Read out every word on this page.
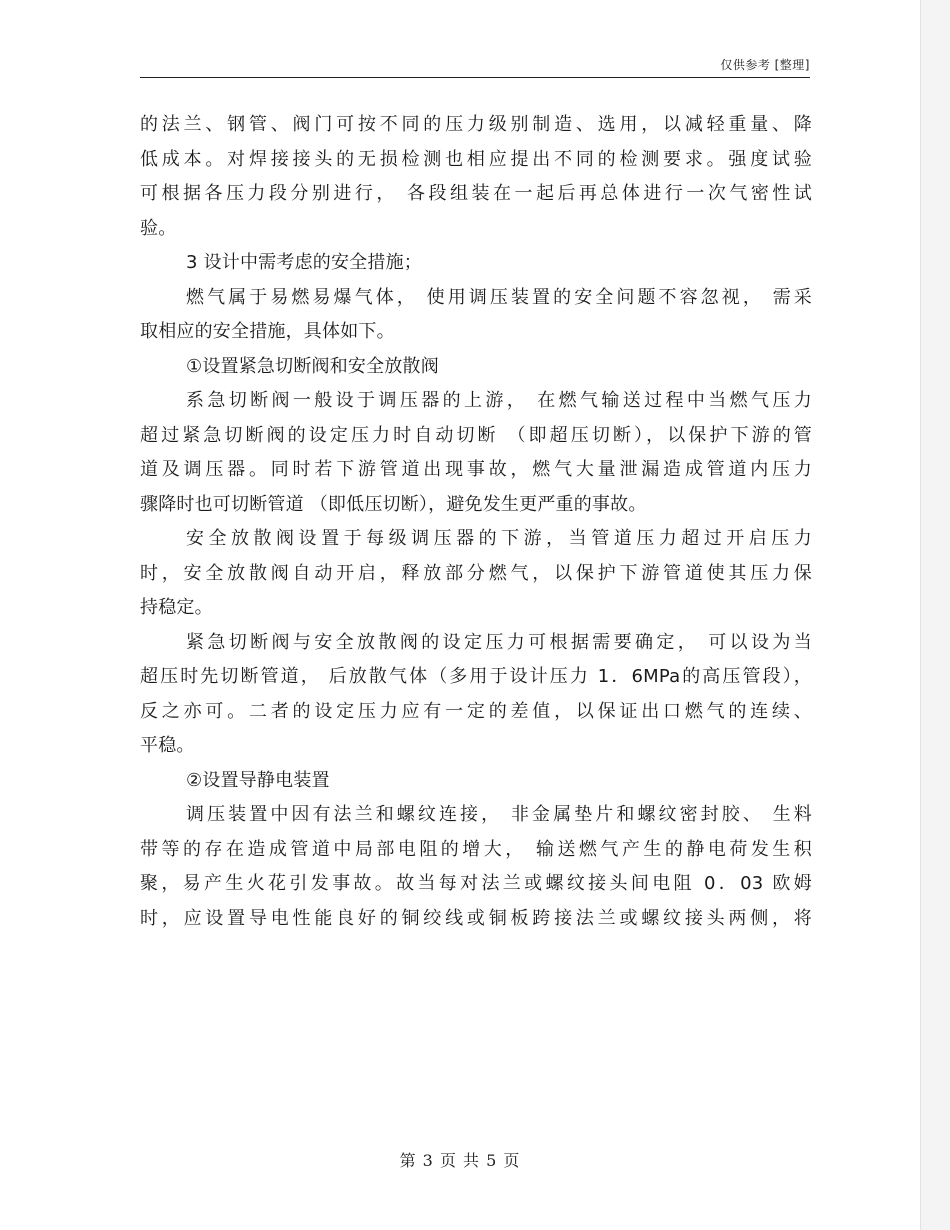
仅供参考 [整理]
的法兰、钢管、阀门可按不同的压力级别制造、选用，以减轻重量、降
低成本。对焊接接头的无损检测也相应提出不同的检测要求。强度试验
可根据各压力段分别进行， 各段组装在一起后再总体进行一次气密性试
验。
3 设计中需考虑的安全措施；
燃气属于易燃易爆气体， 使用调压装置的安全问题不容忽视， 需采
取相应的安全措施，具体如下。
①设置紧急切断阀和安全放散阀
系急切断阀一般设于调压器的上游， 在燃气输送过程中当燃气压力
超过紧急切断阀的设定压力时自动切断 （即超压切断），以保护下游的管
道及调压器。同时若下游管道出现事故，燃气大量泄漏造成管道内压力
骤降时也可切断管道 （即低压切断），避免发生更严重的事故。
安全放散阀设置于每级调压器的下游，当管道压力超过开启压力
时，安全放散阀自动开启，释放部分燃气，以保护下游管道使其压力保
持稳定。
紧急切断阀与安全放散阀的设定压力可根据需要确定， 可以设为当
超压时先切断管道， 后放散气体（多用于设计压力 1．6MPa的高压管段），
反之亦可。二者的设定压力应有一定的差值，以保证出口燃气的连续、
平稳。
②设置导静电装置
调压装置中因有法兰和螺纹连接， 非金属垫片和螺纹密封胶、 生料
带等的存在造成管道中局部电阻的增大， 输送燃气产生的静电荷发生积
聚，易产生火花引发事故。故当每对法兰或螺纹接头间电阻 0．03 欧姆
时，应设置导电性能良好的铜绞线或铜板跨接法兰或螺纹接头两侧，将
第 3 页 共 5 页
